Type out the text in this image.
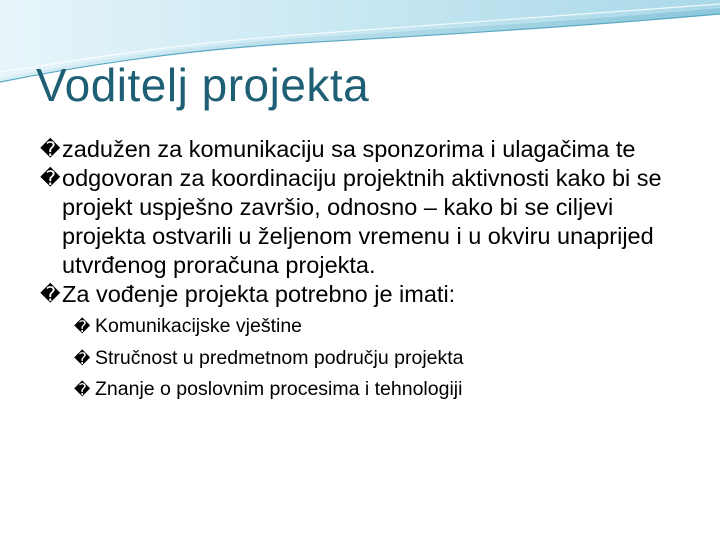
Voditelj projekta
� zadužen za komunikaciju sa sponzorima i ulagačima te
� odgovoran za koordinaciju projektnih aktivnosti kako bi se projekt uspješno završio, odnosno – kako bi se ciljevi projekta ostvarili u željenom vremenu i u okviru unaprijed utvrđenog proračuna projekta.
� Za vođenje projekta potrebno je imati:
� Komunikacijske vještine
� Stručnost u predmetnom području projekta
� Znanje o poslovnim procesima i tehnologiji
